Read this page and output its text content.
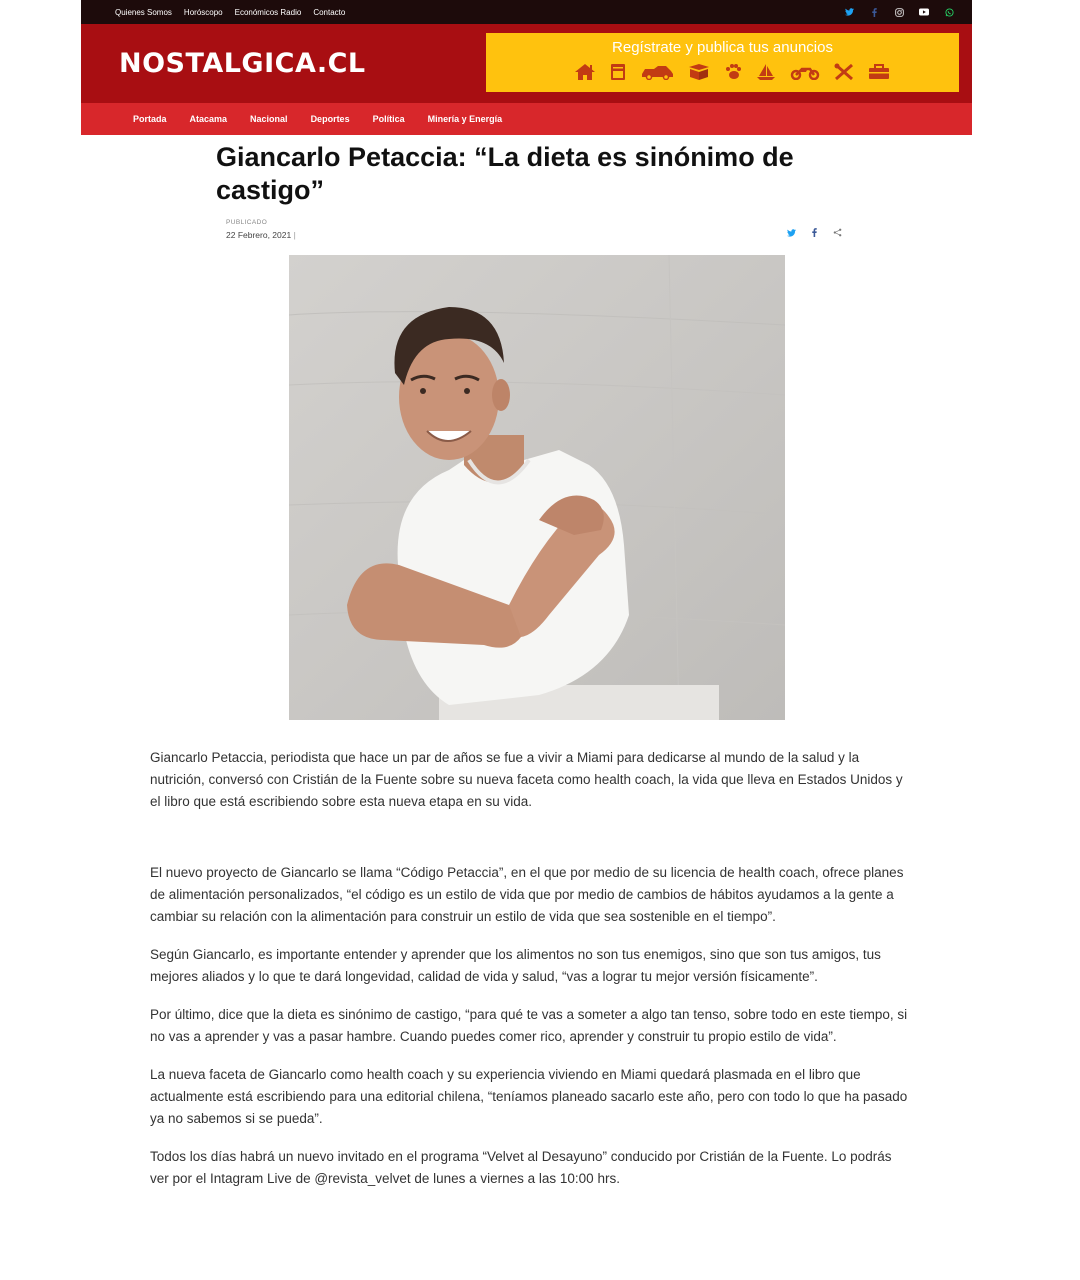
Quienes Somos Horóscopo Económicos Radio Contacto
NOSTALGICA.CL
Regístrate y publica tus anuncios
Portada	Atacama	Nacional	Deportes	Política	Minería y Energía
Giancarlo Petaccia: “La dieta es sinónimo de castigo”
PUBLICADO
22 Febrero, 2021 |

Giancarlo Petaccia, periodista que hace un par de años se fue a vivir a Miami para dedicarse al mundo de la salud y la nutrición, conversó con Cristián de la Fuente sobre su nueva faceta como health coach, la vida que lleva en Estados Unidos y el libro que está escribiendo sobre esta nueva etapa en su vida.

El nuevo proyecto de Giancarlo se llama “Código Petaccia”, en el que por medio de su licencia de health coach, ofrece planes de alimentación personalizados, “el código es un estilo de vida que por medio de cambios de hábitos ayudamos a la gente a cambiar su relación con la alimentación para construir un estilo de vida que sea sostenible en el tiempo”.

Según Giancarlo, es importante entender y aprender que los alimentos no son tus enemigos, sino que son tus amigos, tus mejores aliados y lo que te dará longevidad, calidad de vida y salud, “vas a lograr tu mejor versión físicamente”.

Por último, dice que la dieta es sinónimo de castigo, “para qué te vas a someter a algo tan tenso, sobre todo en este tiempo, si no vas a aprender y vas a pasar hambre. Cuando puedes comer rico, aprender y construir tu propio estilo de vida”.

La nueva faceta de Giancarlo como health coach y su experiencia viviendo en Miami quedará plasmada en el libro que actualmente está escribiendo para una editorial chilena, “teníamos planeado sacarlo este año, pero con todo lo que ha pasado ya no sabemos si se pueda”.

Todos los días habrá un nuevo invitado en el programa “Velvet al Desayuno” conducido por Cristián de la Fuente. Lo podrás ver por el Intagram Live de @revista_velvet de lunes a viernes a las 10:00 hrs.
